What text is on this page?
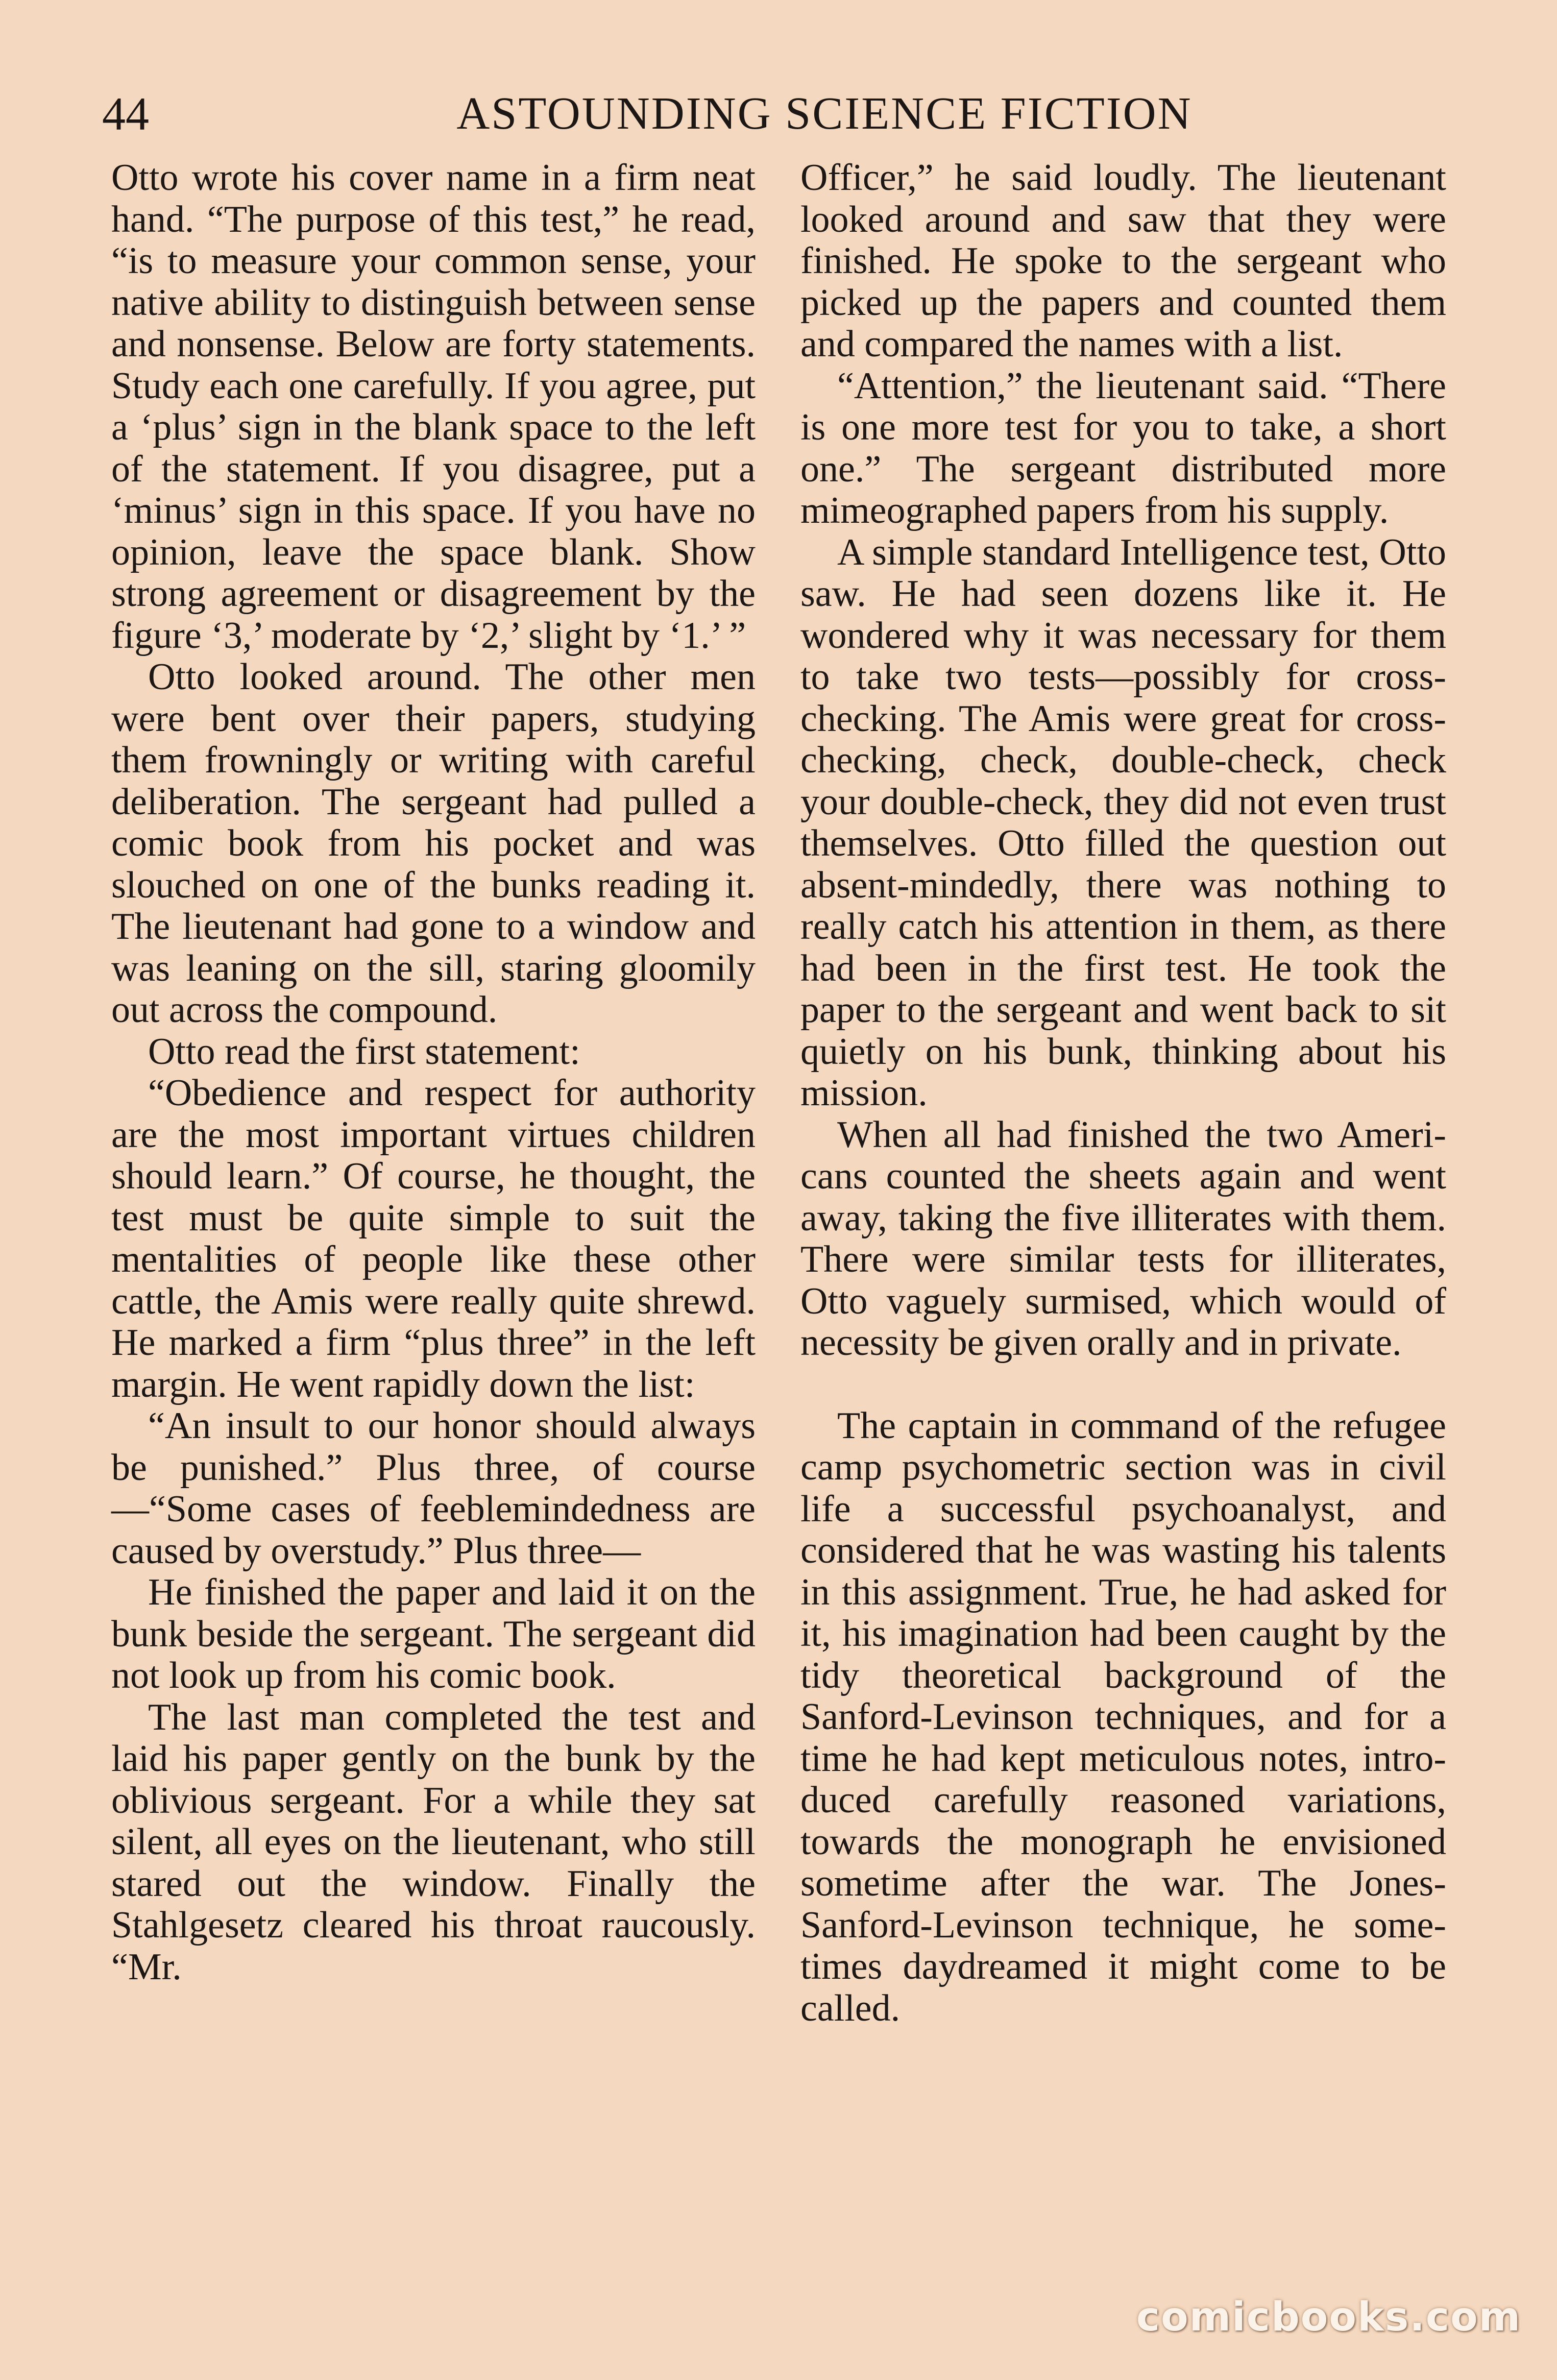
44	ASTOUNDING SCIENCE FICTION

Otto wrote his cover name in a firm neat hand. “The purpose of this test,” he read, “is to measure your common sense, your native ability to distinguish between sense and nonsense. Below are forty statements. Study each one carefully. If you agree, put a ‘plus’ sign in the blank space to the left of the statement. If you disagree, put a ‘minus’ sign in this space. If you have no opinion, leave the space blank. Show strong agreement or disagreement by the figure ‘3,’ moderate by ‘2,’ slight by ‘1.’ ”

Otto looked around. The other men were bent over their papers, studying them frowningly or writing with careful deliberation. The sergeant had pulled a comic book from his pocket and was slouched on one of the bunks reading it. The lieutenant had gone to a window and was leaning on the sill, staring gloomily out across the compound.

Otto read the first statement:

“Obedience and respect for authority are the most important virtues children should learn.” Of course, he thought, the test must be quite simple to suit the mentalities of people like these other cattle, the Amis were really quite shrewd. He marked a firm “plus three” in the left margin. He went rapidly down the list:

“An insult to our honor should always be punished.” Plus three, of course—“Some cases of feeblemindedness are caused by overstudy.” Plus three—

He finished the paper and laid it on the bunk beside the sergeant. The sergeant did not look up from his comic book.

The last man completed the test and laid his paper gently on the bunk by the oblivious sergeant. For a while they sat silent, all eyes on the lieutenant, who still stared out the window. Finally the Stahlgesetz cleared his throat raucously. “Mr.

Officer,” he said loudly. The lieutenant looked around and saw that they were finished. He spoke to the sergeant who picked up the papers and counted them and compared the names with a list.

“Attention,” the lieutenant said. “There is one more test for you to take, a short one.” The sergeant distributed more mimeographed papers from his supply.

A simple standard Intelligence test, Otto saw. He had seen dozens like it. He wondered why it was necessary for them to take two tests—possibly for cross-checking. The Amis were great for cross-checking, check, double-check, check your double-check, they did not even trust themselves. Otto filled the question out absent-mindedly, there was nothing to really catch his attention in them, as there had been in the first test. He took the paper to the sergeant and went back to sit quietly on his bunk, thinking about his mission.

When all had finished the two Americans counted the sheets again and went away, taking the five illiterates with them. There were similar tests for illiterates, Otto vaguely surmised, which would of necessity be given orally and in private.

The captain in command of the refugee camp psychometric section was in civil life a successful psychoanalyst, and considered that he was wasting his talents in this assignment. True, he had asked for it, his imagination had been caught by the tidy theoretical background of the Sanford-Levinson techniques, and for a time he had kept meticulous notes, introduced carefully reasoned variations, towards the monograph he envisioned sometime after the war. The Jones-Sanford-Levinson technique, he sometimes daydreamed it might come to be called.

comicbooks.com
